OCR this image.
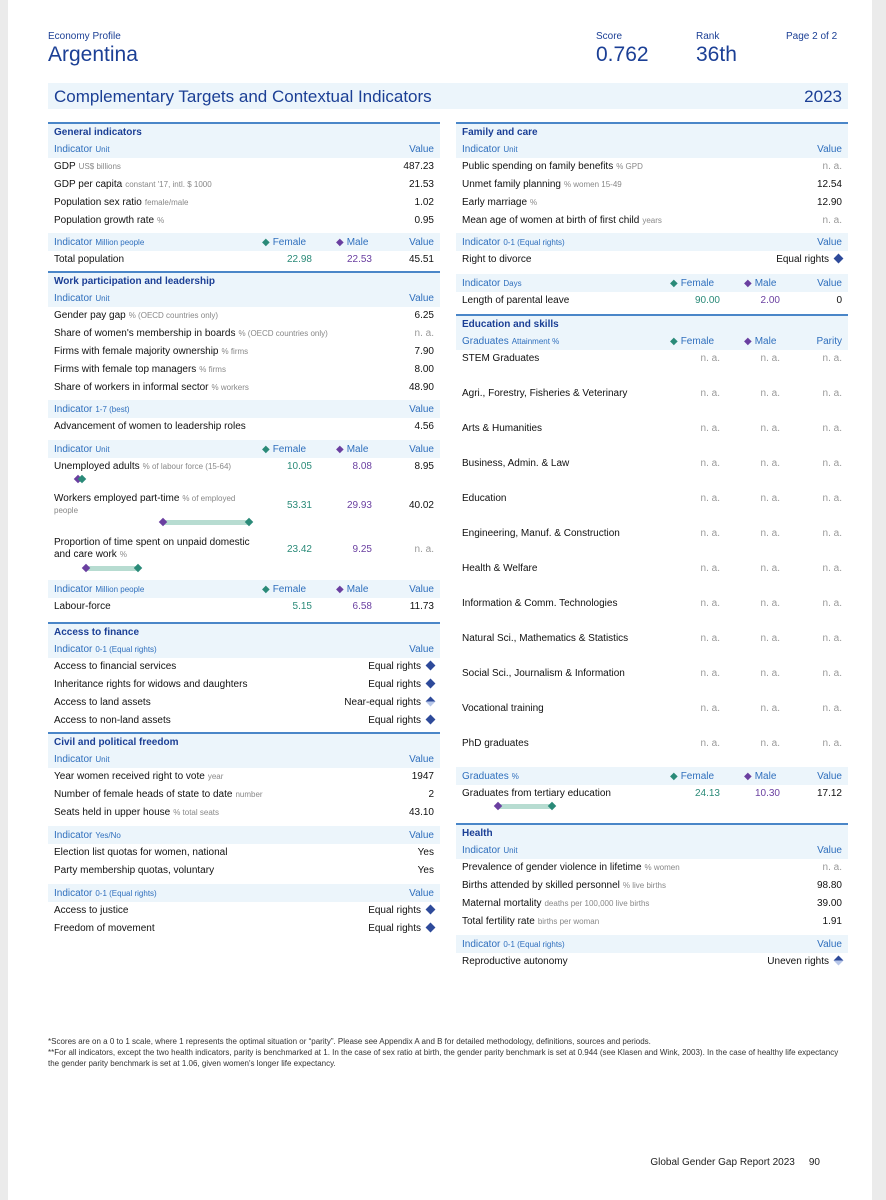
Economy Profile
Argentina
Score
0.762
Rank
36th
Page 2 of 2
Complementary Targets and Contextual Indicators	2023
General indicators
Indicator Unit	Value
GDP US$ billions	487.23
GDP per capita constant '17, intl. $ 1000	21.53
Population sex ratio female/male	1.02
Population growth rate %	0.95
Indicator Million people	◆ Female	◆ Male	Value
Total population	22.98	22.53	45.51
Work participation and leadership
Indicator Unit	Value
Gender pay gap % (OECD countries only)	6.25
Share of women's membership in boards % (OECD countries only)	n. a.
Firms with female majority ownership % firms	7.90
Firms with female top managers % firms	8.00
Share of workers in informal sector % workers	48.90
Indicator 1-7 (best)	Value
Advancement of women to leadership roles	4.56
Indicator Unit	◆ Female	◆ Male	Value
Unemployed adults % of labour force (15-64)	10.05	8.08	8.95
Workers employed part-time % of employed people	53.31	29.93	40.02
Proportion of time spent on unpaid domestic and care work %	23.42	9.25	n. a.
Indicator Million people	◆ Female	◆ Male	Value
Labour-force	5.15	6.58	11.73
Access to finance
Indicator 0-1 (Equal rights)	Value
Access to financial services	Equal rights
Inheritance rights for widows and daughters	Equal rights
Access to land assets	Near-equal rights
Access to non-land assets	Equal rights
Civil and political freedom
Indicator Unit	Value
Year women received right to vote year	1947
Number of female heads of state to date number	2
Seats held in upper house % total seats	43.10
Indicator Yes/No	Value
Election list quotas for women, national	Yes
Party membership quotas, voluntary	Yes
Indicator 0-1 (Equal rights)	Value
Access to justice	Equal rights
Freedom of movement	Equal rights
Family and care
Indicator Unit	Value
Public spending on family benefits % GPD	n. a.
Unmet family planning % women 15-49	12.54
Early marriage %	12.90
Mean age of women at birth of first child years	n. a.
Indicator 0-1 (Equal rights)	Value
Right to divorce	Equal rights
Indicator Days	◆ Female	◆ Male	Value
Length of parental leave	90.00	2.00	0
Education and skills
Graduates Attainment %	◆ Female	◆ Male	Parity
STEM Graduates	n. a.	n. a.	n. a.
Agri., Forestry, Fisheries & Veterinary	n. a.	n. a.	n. a.
Arts & Humanities	n. a.	n. a.	n. a.
Business, Admin. & Law	n. a.	n. a.	n. a.
Education	n. a.	n. a.	n. a.
Engineering, Manuf. & Construction	n. a.	n. a.	n. a.
Health & Welfare	n. a.	n. a.	n. a.
Information & Comm. Technologies	n. a.	n. a.	n. a.
Natural Sci., Mathematics & Statistics	n. a.	n. a.	n. a.
Social Sci., Journalism & Information	n. a.	n. a.	n. a.
Vocational training	n. a.	n. a.	n. a.
PhD graduates	n. a.	n. a.	n. a.
Graduates %	◆ Female	◆ Male	Value
Graduates from tertiary education	24.13	10.30	17.12
Health
Indicator Unit	Value
Prevalence of gender violence in lifetime % women	n. a.
Births attended by skilled personnel % live births	98.80
Maternal mortality deaths per 100,000 live births	39.00
Total fertility rate births per woman	1.91
Indicator 0-1 (Equal rights)	Value
Reproductive autonomy	Uneven rights
*Scores are on a 0 to 1 scale, where 1 represents the optimal situation or “parity”. Please see Appendix A and B for detailed methodology, definitions, sources and periods.
**For all indicators, except the two health indicators, parity is benchmarked at 1. In the case of sex ratio at birth, the gender parity benchmark is set at 0.944 (see Klasen and Wink, 2003). In the case of healthy life expectancy the gender parity benchmark is set at 1.06, given women's longer life expectancy.
Global Gender Gap Report 2023 90
